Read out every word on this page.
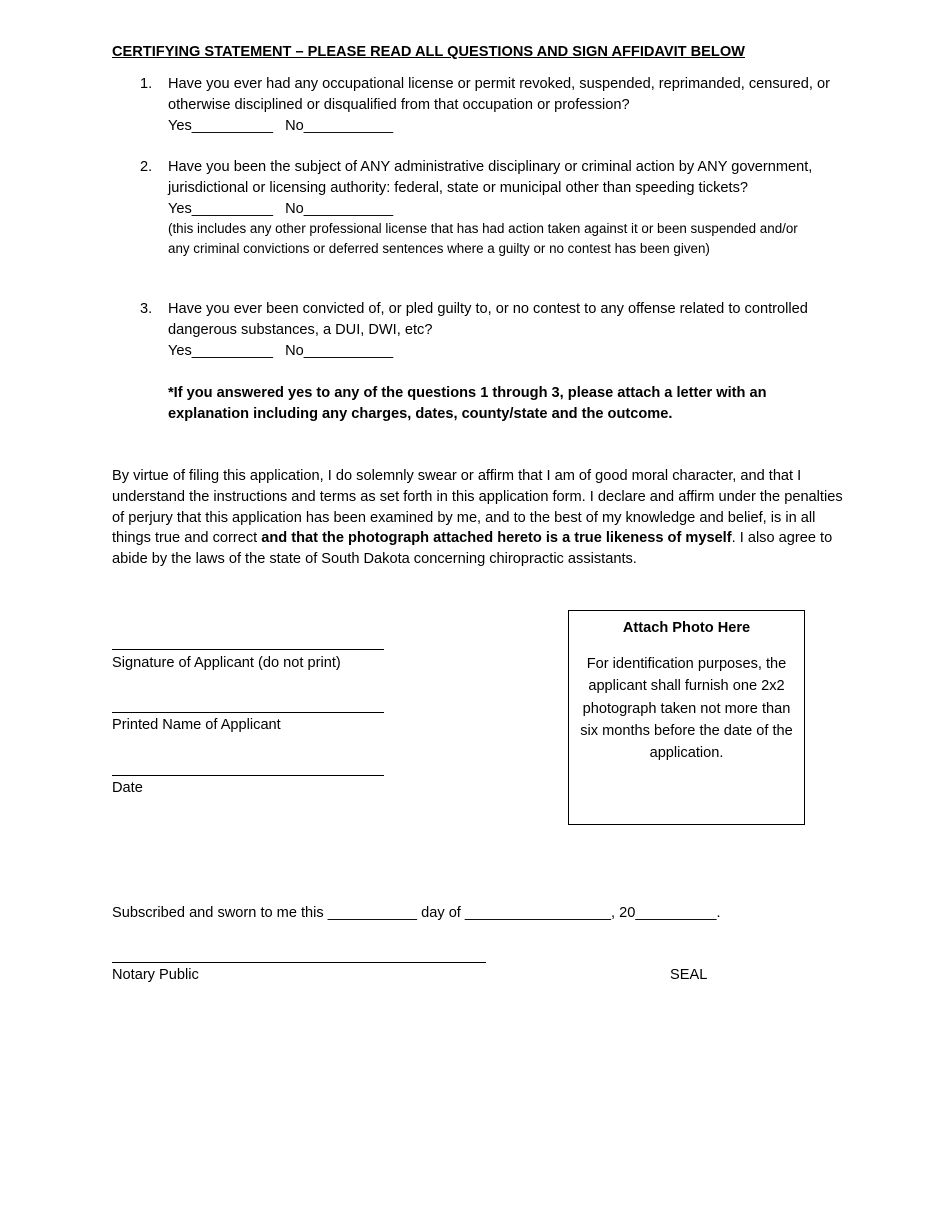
CERTIFYING STATEMENT – PLEASE READ ALL QUESTIONS AND SIGN AFFIDAVIT BELOW
1. Have you ever had any occupational license or permit revoked, suspended, reprimanded, censured, or otherwise disciplined or disqualified from that occupation or profession?
Yes__________   No___________
2. Have you been the subject of ANY administrative disciplinary or criminal action by ANY government, jurisdictional or licensing authority: federal, state or municipal other than speeding tickets?
Yes__________   No___________
(this includes any other professional license that has had action taken against it or been suspended and/or any criminal convictions or deferred sentences where a guilty or no contest has been given)
3. Have you ever been convicted of, or pled guilty to, or no contest to any offense related to controlled dangerous substances, a DUI, DWI, etc?
Yes__________   No___________
*If you answered yes to any of the questions 1 through 3, please attach a letter with an explanation including any charges, dates, county/state and the outcome.
By virtue of filing this application, I do solemnly swear or affirm that I am of good moral character, and that I understand the instructions and terms as set forth in this application form. I declare and affirm under the penalties of perjury that this application has been examined by me, and to the best of my knowledge and belief, is in all things true and correct and that the photograph attached hereto is a true likeness of myself. I also agree to abide by the laws of the state of South Dakota concerning chiropractic assistants.
Signature of Applicant (do not print)
Printed Name of Applicant
Date
Attach Photo Here
For identification purposes, the applicant shall furnish one 2x2 photograph taken not more than six months before the date of the application.
Subscribed and sworn to me this ___________ day of __________________, 20__________.
Notary Public	SEAL
